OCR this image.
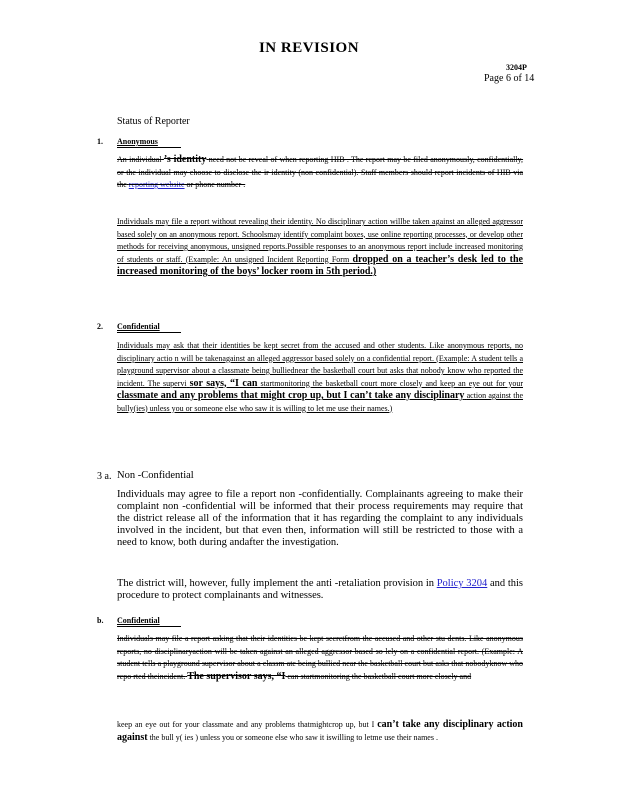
IN REVISION
3204P
Page 6 of 14
Status of Reporter
1. Anonymous
An individual ’s identity need not be reveal of when reporting HIB . The report may be filed anonymously, confidentially, or the individual may choose to disclose the ir identity (non confidential). Staff members should report incidents of HIB via the reporting website or phone number .
Individuals may file a report without revealing their identity. No disciplinary action willbe taken against an alleged aggressor based solely on an anonymous report. Schoolsmay identify complaint boxes, use online reporting processes, or develop other methods for receiving anonymous, unsigned reports.Possible responses to an anonymous report include increased monitoring of students or staff. (Example: An unsigned Incident Reporting Form dropped on a teacher’s desk led to the increased monitoring of the boys’ locker room in 5th period.)
2. Confidential
Individuals may ask that their identities be kept secret from the accused and other students. Like anonymous reports, no disciplinary actio n will be takenagainst an alleged aggressor based solely on a confidential report. (Example: A student tells a playground supervisor about a classmate being bulliednear the basketball court but asks that nobody know who reported the incident. The supervi sor says, “I can startmonitoring the basketball court more closely and keep an eye out for your classmate and any problems that might crop up, but I can’t take any disciplinary action against the bully(ies) unless you or someone else who saw it is willing to let me use their names.)
3 a. Non -Confidential
Individuals may agree to file a report non -confidentially. Complainants agreeing to make their complaint non -confidential will be informed that their process requirements may require that the district release all of the information that it has regarding the complaint to any individuals involved in the incident, but that even then, information will still be restricted to those with a need to know, both during andafter the investigation.
The district will, however, fully implement the anti -retaliation provision in Policy 3204 and this procedure to protect complainants and witnesses.
b. Confidential
Individuals may file a report asking that their identities be kept secretfrom the accused and other stu dents. Like anonymous reports, no disciplinaryaction will be taken against an alleged aggressor based so lely on a confidential report. (Example: A student tells a playground supervisor about a classm ate being bullied near the basketball court but asks that nobodyknow who repo rted theincident. The supervisor says, “I can startmonitoring the basketball court more closely and
keep an eye out for your classmate and any problems thatmightcrop up, but I can’t take any disciplinary action against the bull y( ies ) unless you or someone else who saw it iswilling to letme use their names .
